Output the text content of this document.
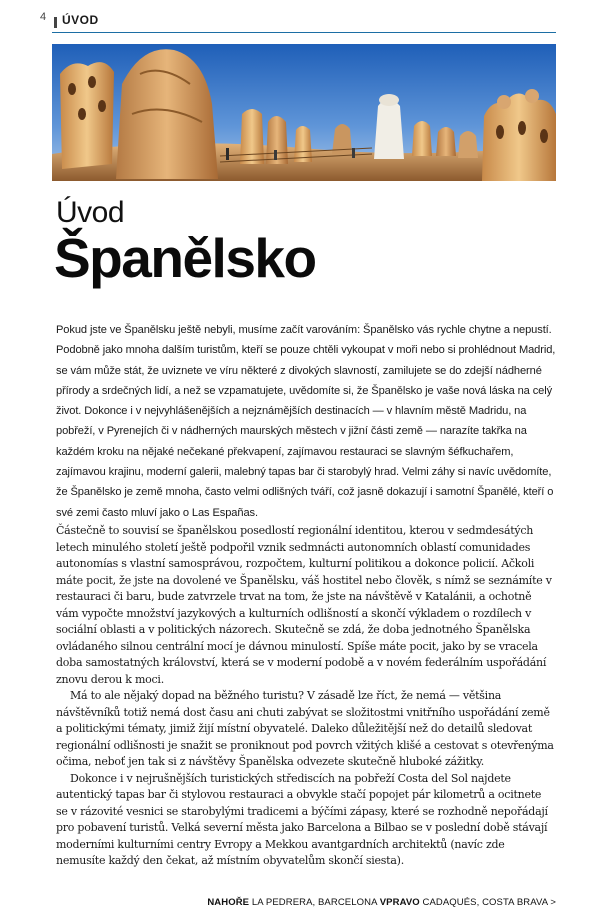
4 ÚVOD
Úvod
Španělsko

Pokud jste ve Španělsku ještě nebyli, musíme začít varováním: Španělsko vás rychle chytne a nepustí. Podobně jako mnoha dalším turistům, kteří se pouze chtěli vykoupat v moři nebo si prohlédnout Madrid, se vám může stát, že uviznete ve víru některé z divokých slavností, zamilujete se do zdejší nádherné přírody a srdečných lidí, a než se vzpamatujete, uvědomíte si, že Španělsko je vaše nová láska na celý život. Dokonce i v nejvyhlášenějších a nejznámějších destinacích — v hlavním městě Madridu, na pobřeží, v Pyrenejích či v nádherných maurských městech v jižní části země — narazíte takřka na každém kroku na nějaké nečekané překvapení, zajímavou restauraci se slavným šéfkuchařem, zajímavou krajinu, moderní galerii, malebný tapas bar či starobylý hrad. Velmi záhy si navíc uvědomíte, že Španělsko je země mnoha, často velmi odlišných tváří, což jasně dokazují i samotní Španělé, kteří o své zemi často mluví jako o Las Españas.

Částečně to souvisí se španělskou posedlostí regionální identitou, kterou v sedmdesátých letech minulého století ještě podpořil vznik sedmnácti autonomních oblastí comunidades autonomías s vlastní samosprávou, rozpočtem, kulturní politikou a dokonce policií. Ačkoli máte pocit, že jste na dovolené ve Španělsku, váš hostitel nebo člověk, s nímž se seznámíte v restauraci či baru, bude zatvrzele trvat na tom, že jste na návštěvě v Katalánii, a ochotně vám vypočte množství jazykových a kulturních odlišností a skončí výkladem o rozdílech v sociální oblasti a v politických názorech. Skutečně se zdá, že doba jednotného Španělska ovládaného silnou centrální mocí je dávnou minulostí. Spíše máte pocit, jako by se vracela doba samostatných království, která se v moderní podobě a v novém federálním uspořádání znovu derou k moci.

Má to ale nějaký dopad na běžného turistu? V zásadě lze říct, že nemá — většina návštěvníků totiž nemá dost času ani chuti zabývat se složitostmi vnitřního uspořádání země a politickými tématy, jimiž žijí místní obyvatelé. Daleko důležitější než do detailů sledovat regionální odlišnosti je snažit se proniknout pod povrch vžitých klišé a cestovat s otevřenýma očima, neboť jen tak si z návštěvy Španělska odvezete skutečně hluboké zážitky.

Dokonce i v nejrušnějších turistických střediscích na pobřeží Costa del Sol najdete autentický tapas bar či stylovou restauraci a obvykle stačí popojet pár kilometrů a ocitnete se v rázovité vesnici se starobylými tradicemi a býčími zápasy, které se rozhodně nepořádají pro pobavení turistů. Velká severní města jako Barcelona a Bilbao se v poslední době stávají moderními kulturními centry Evropy a Mekkou avantgardních architektů (navíc zde nemusíte každý den čekat, až místním obyvatelům skončí siesta).

NAHOŘE LA PEDRERA, BARCELONA VPRAVO CADAQUÉS, COSTA BRAVA >
